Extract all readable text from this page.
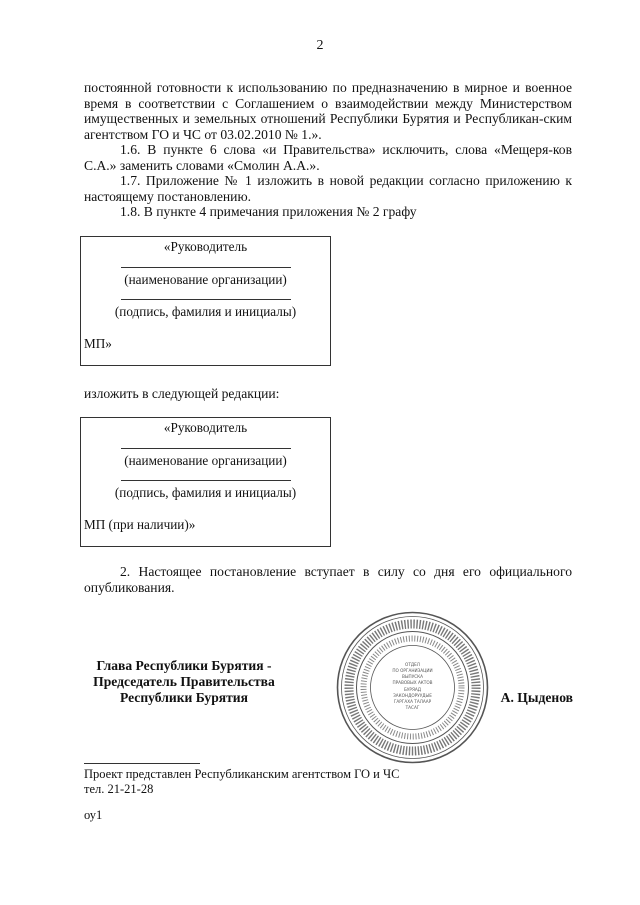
2

постоянной готовности к использованию по предназначению в мирное и военное время в соответствии с Соглашением о взаимодействии между Министерством имущественных и земельных отношений Республики Бурятия и Республикан-ским агентством ГО и ЧС от 03.02.2010 № 1.».

1.6. В пункте 6 слова «и Правительства» исключить, слова «Мещеря-ков С.А.» заменить словами «Смолин А.А.».

1.7. Приложение № 1 изложить в новой редакции согласно приложению к настоящему постановлению.

1.8. В пункте 4 примечания приложения № 2 графу

«Руководитель

(наименование организации)

(подпись, фамилия и инициалы)

МП»

изложить в следующей редакции:

«Руководитель

(наименование организации)

(подпись, фамилия и инициалы)

МП (при наличии)»

2. Настоящее постановление вступает в силу со дня его официального опубликования.

ОТДЕЛ
ПО ОРГАНИЗАЦИИ
ВЫПУСКА
ПРАВОВЫХ АКТОВ
БУРЯАД
ЗАКОНДОРУУДЫЕ
ГАРГАХА ТАЛААР
ТАСАГ
Глава Республики Бурятия -
Председатель Правительства
Республики Бурятия	А. Цыденов

Проект представлен Республиканским агентством ГО и ЧС

тел. 21-21-28

оу1
